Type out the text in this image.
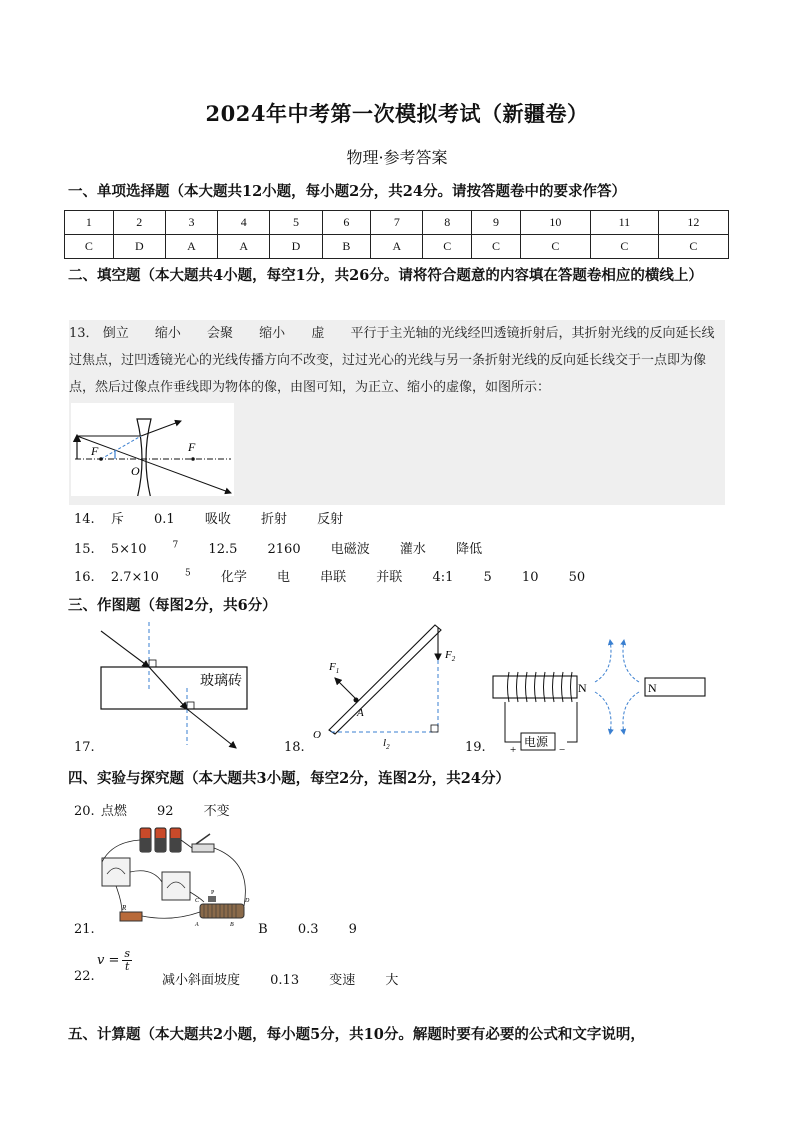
2024年中考第一次模拟考试（新疆卷）
物理·参考答案
一、单项选择题（本大题共12小题，每小题2分，共24分。请按答题卷中的要求作答）
1	2	3	4	5	6	7	8	9	10	11	12
C	D	A	A	D	B	A	C	C	C	C	C
二、填空题（本大题共4小题，每空1分，共26分。请将符合题意的内容填在答题卷相应的横线上）

13． 倒立 缩小 会聚 缩小 虚 平行于主光轴的光线经凹透镜折射后，其折射光线的反向延长线过焦点，过凹透镜光心的光线传播方向不改变，过过光心的光线与另一条折射光线的反向延长线交于一点即为像点，然后过像点作垂线即为物体的像，由图可知，为正立、缩小的虚像，如图所示：

F
O
F
14. 斥 0.1 吸收 折射 反射
15. 5×10	$^7$ 12.5 2160 电磁波 灌水 降低
16. 2.7×10	$^5$ 化学 电 串联 并联 4:1 5 10 50
三、作图题（每图2分，共6分）
17.
玻璃砖
18.
$F_1$
$F_2$
A
O
$l_2$	19.
N	N
电源
+	−
四、实验与探究题（本大题共3小题，每空2分，连图2分，共24分）
20. 点燃 92 不变
R
P
C	D
A	B
21.	B 0.3 9
22.
$v = \frac{s}{t}$
减小斜面坡度 0.13 变速 大
五、计算题（本大题共2小题，每小题5分，共10分。解题时要有必要的公式和文字说明，
